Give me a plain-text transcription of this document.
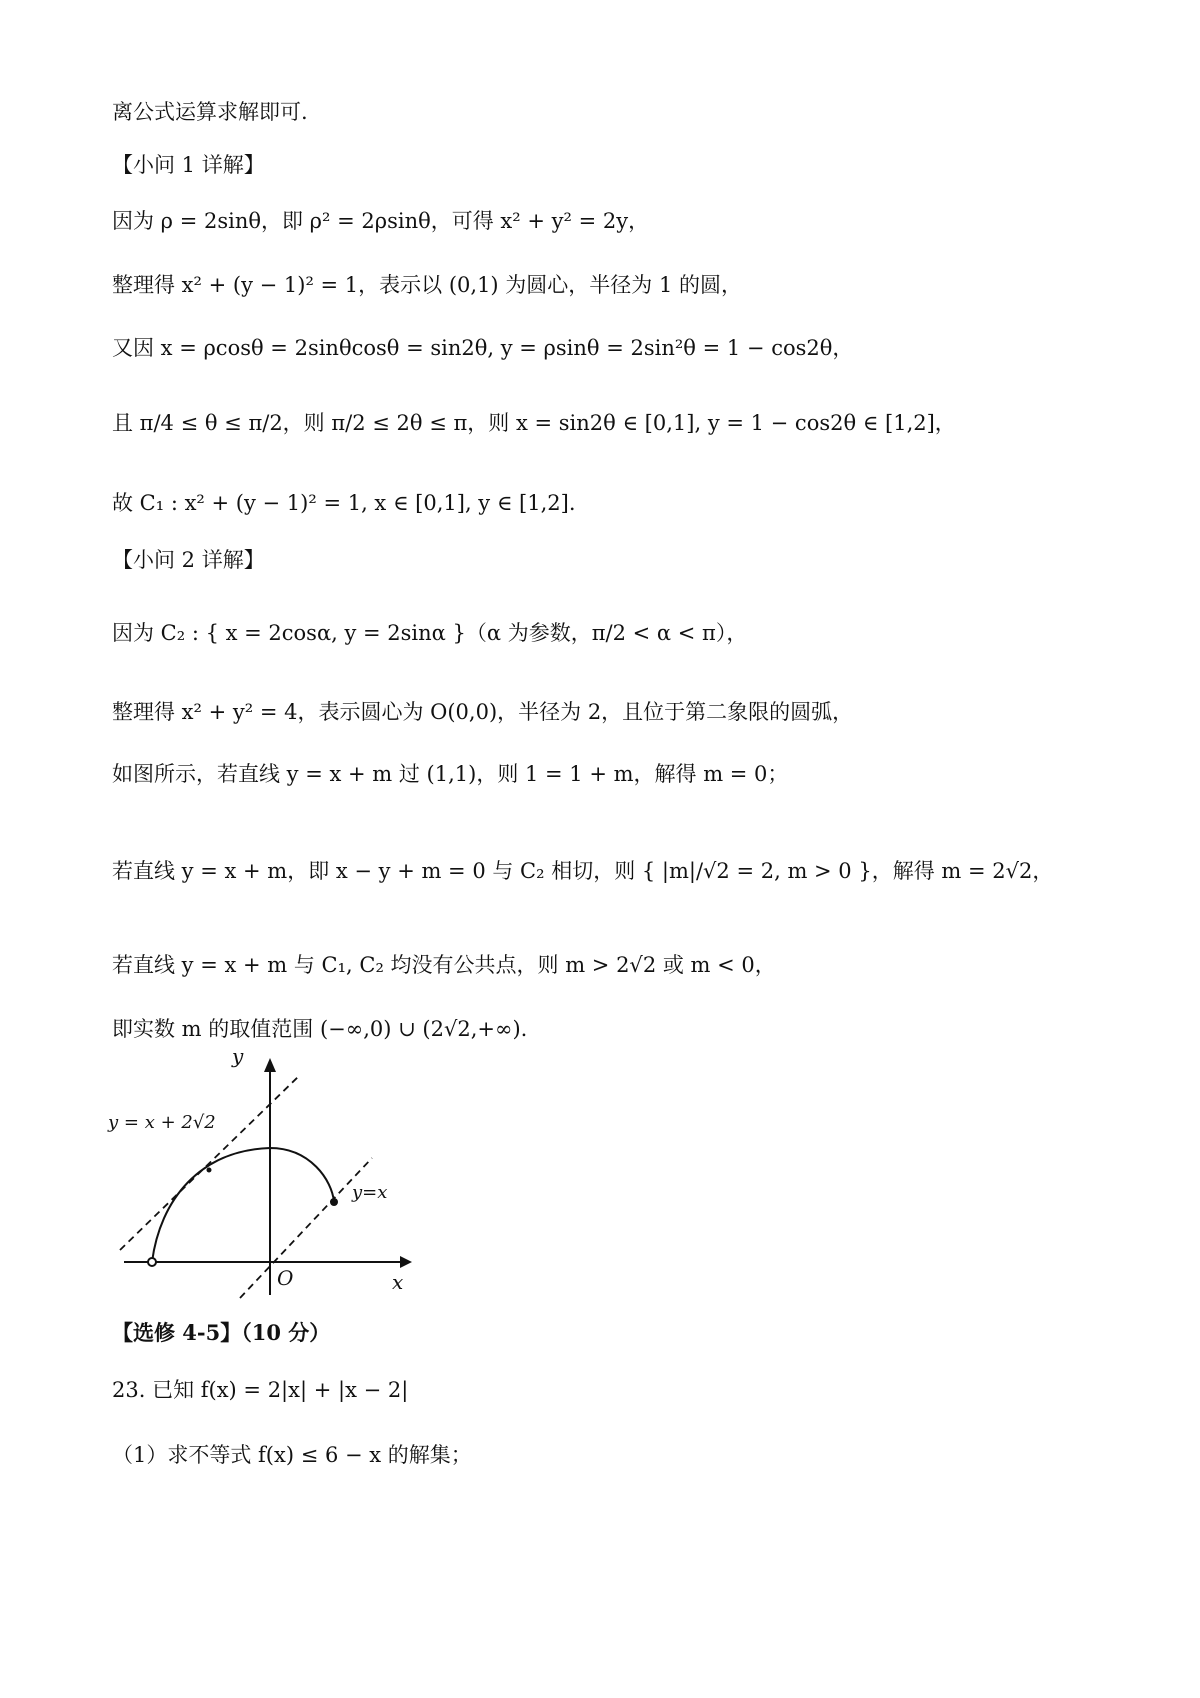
离公式运算求解即可.
【小问 1 详解】
因为 ρ = 2sinθ，即 ρ² = 2ρsinθ，可得 x² + y² = 2y，
整理得 x² + (y − 1)² = 1，表示以 (0,1) 为圆心，半径为 1 的圆，
又因 x = ρcosθ = 2sinθcosθ = sin2θ, y = ρsinθ = 2sin²θ = 1 − cos2θ，
且 π/4 ≤ θ ≤ π/2，则 π/2 ≤ 2θ ≤ π，则 x = sin2θ ∈ [0,1], y = 1 − cos2θ ∈ [1,2]，
故 C₁ : x² + (y − 1)² = 1, x ∈ [0,1], y ∈ [1,2].
【小问 2 详解】
因为 C₂ : { x = 2cosα, y = 2sinα }（α 为参数，π/2 < α < π），
整理得 x² + y² = 4，表示圆心为 O(0,0)，半径为 2，且位于第二象限的圆弧，
如图所示，若直线 y = x + m 过 (1,1)，则 1 = 1 + m，解得 m = 0；
若直线 y = x + m，即 x − y + m = 0 与 C₂ 相切，则 { |m|/√2 = 2, m > 0 }，解得 m = 2√2，
若直线 y = x + m 与 C₁, C₂ 均没有公共点，则 m > 2√2 或 m < 0，
即实数 m 的取值范围 (−∞,0) ∪ (2√2,+∞).
y
x
O
y = x + 2√2
y=x
【选修 4-5】（10 分）
23. 已知 f(x) = 2|x| + |x − 2|
（1）求不等式 f(x) ≤ 6 − x 的解集；
